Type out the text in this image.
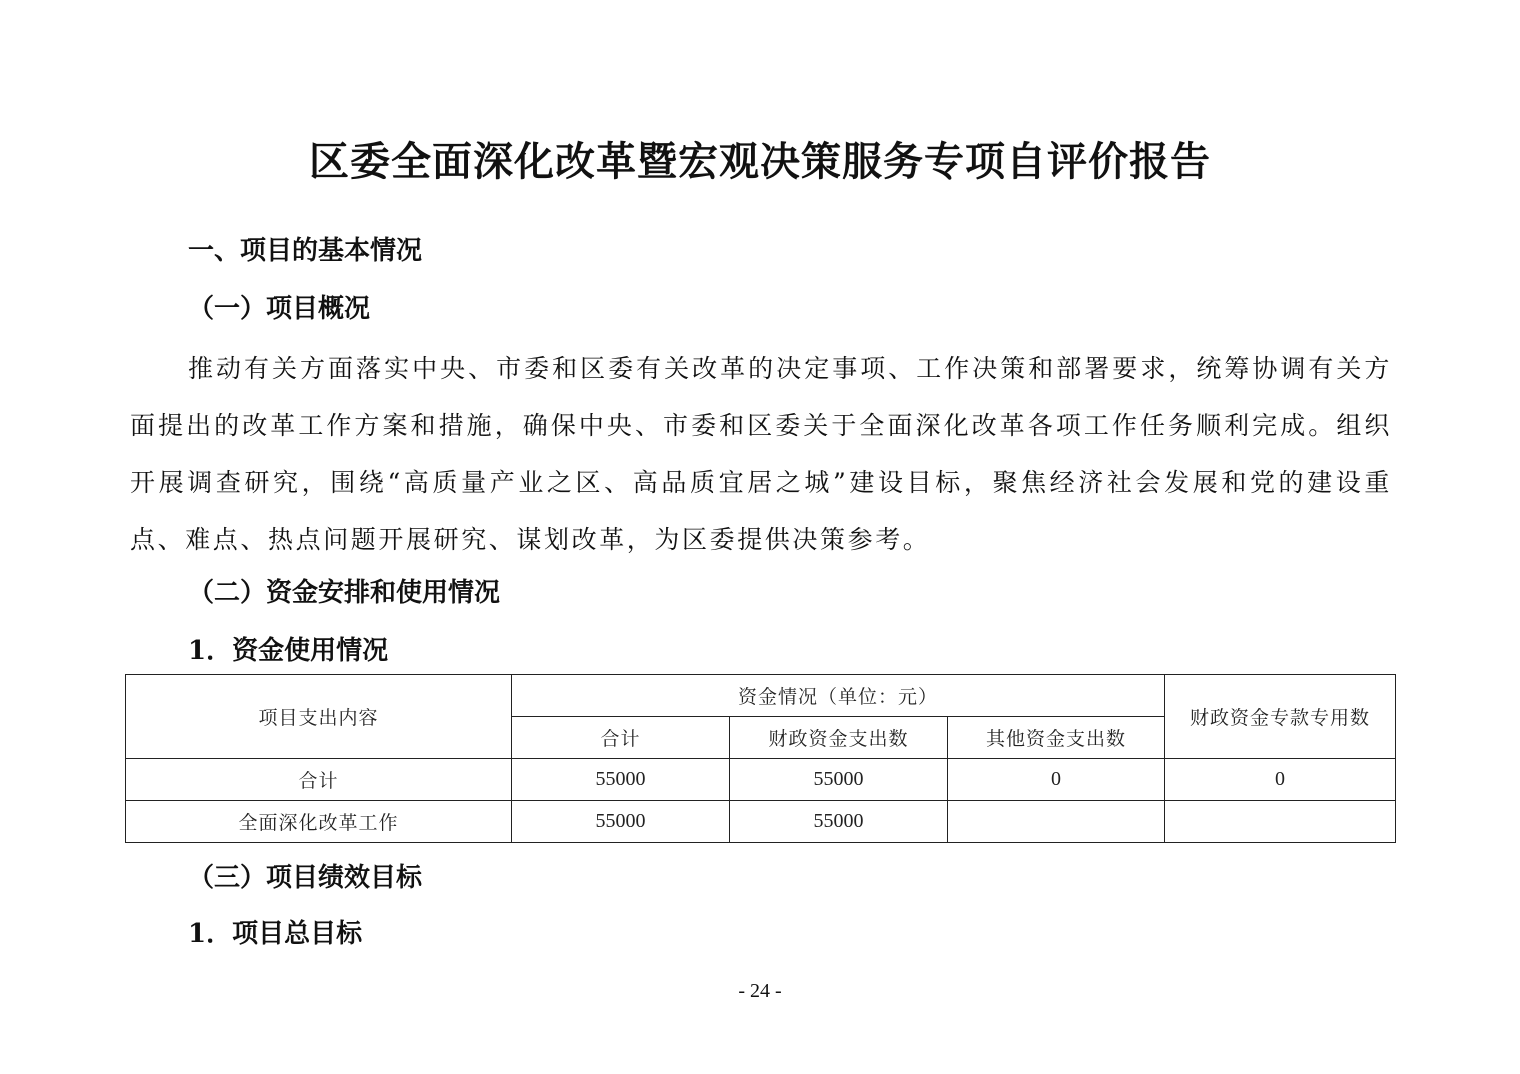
区委全面深化改革暨宏观决策服务专项自评价报告
一、项目的基本情况
（一）项目概况
推动有关方面落实中央、市委和区委有关改革的决定事项、工作决策和部署要求，统筹协调有关方面提出的改革工作方案和措施，确保中央、市委和区委关于全面深化改革各项工作任务顺利完成。组织开展调查研究，围绕“高质量产业之区、高品质宜居之城”建设目标，聚焦经济社会发展和党的建设重点、难点、热点问题开展研究、谋划改革，为区委提供决策参考。
（二）资金安排和使用情况
1．资金使用情况
项目支出内容	资金情况（单位：元）			财政资金专款专用数
	合计	财政资金支出数	其他资金支出数	
合计	55000	55000	0	0
全面深化改革工作	55000	55000		
（三）项目绩效目标
1．项目总目标
- 24 -
